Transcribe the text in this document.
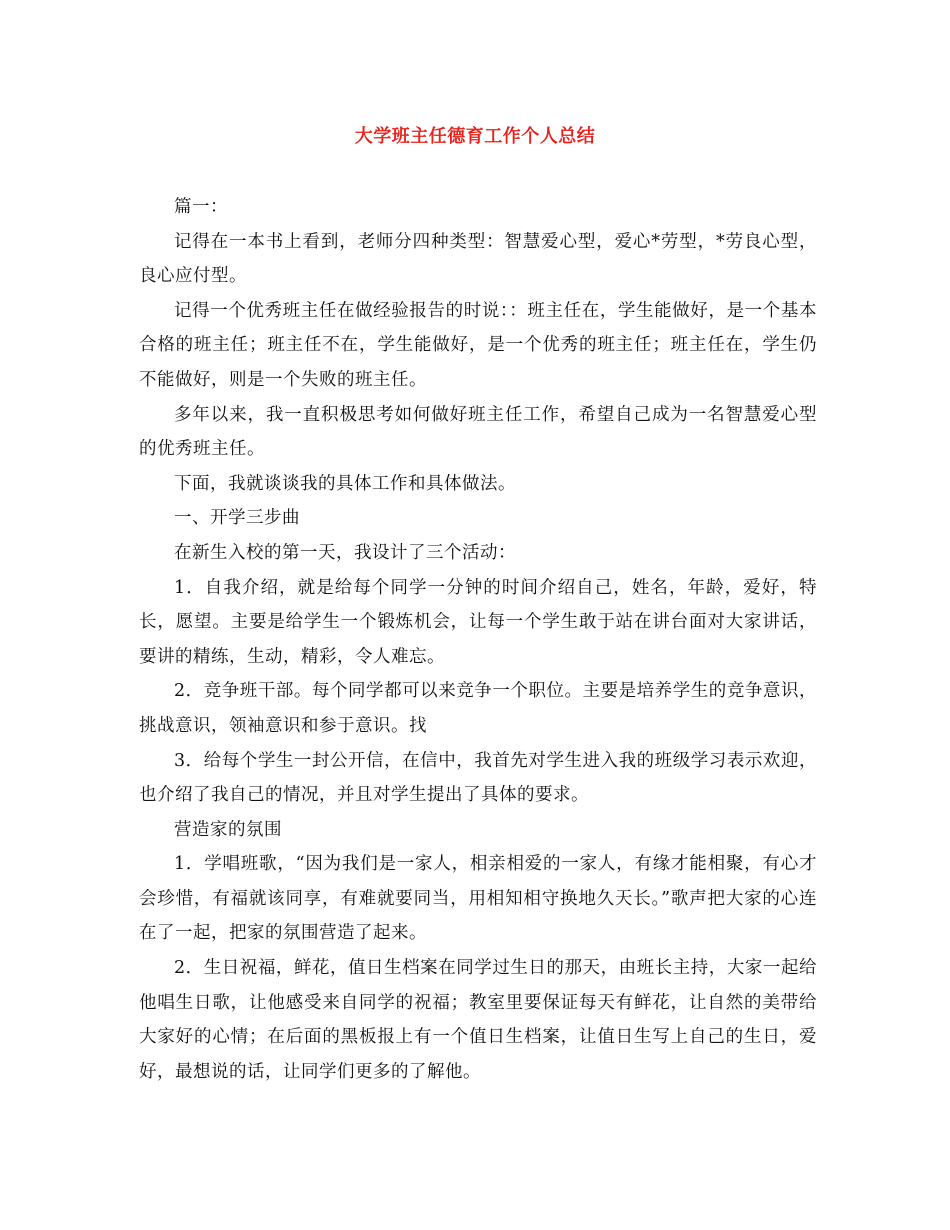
大学班主任德育工作个人总结

篇一：

记得在一本书上看到，老师分四种类型：智慧爱心型，爱心*劳型，*劳良心型，良心应付型。

记得一个优秀班主任在做经验报告的时说：：班主任在，学生能做好，是一个基本合格的班主任；班主任不在，学生能做好，是一个优秀的班主任；班主任在，学生仍不能做好，则是一个失败的班主任。

多年以来，我一直积极思考如何做好班主任工作，希望自己成为一名智慧爱心型的优秀班主任。

下面，我就谈谈我的具体工作和具体做法。

一、开学三步曲

在新生入校的第一天，我设计了三个活动：

1．自我介绍，就是给每个同学一分钟的时间介绍自己，姓名，年龄，爱好，特长，愿望。主要是给学生一个锻炼机会，让每一个学生敢于站在讲台面对大家讲话，要讲的精练，生动，精彩，令人难忘。

2．竞争班干部。每个同学都可以来竞争一个职位。主要是培养学生的竞争意识，挑战意识，领袖意识和参于意识。找

3．给每个学生一封公开信，在信中，我首先对学生进入我的班级学习表示欢迎，也介绍了我自己的情况，并且对学生提出了具体的要求。

营造家的氛围

1．学唱班歌，“因为我们是一家人，相亲相爱的一家人，有缘才能相聚，有心才会珍惜，有福就该同享，有难就要同当，用相知相守换地久天长。”歌声把大家的心连在了一起，把家的氛围营造了起来。

2．生日祝福，鲜花，值日生档案在同学过生日的那天，由班长主持，大家一起给他唱生日歌，让他感受来自同学的祝福；教室里要保证每天有鲜花，让自然的美带给大家好的心情；在后面的黑板报上有一个值日生档案，让值日生写上自己的生日，爱好，最想说的话，让同学们更多的了解他。
